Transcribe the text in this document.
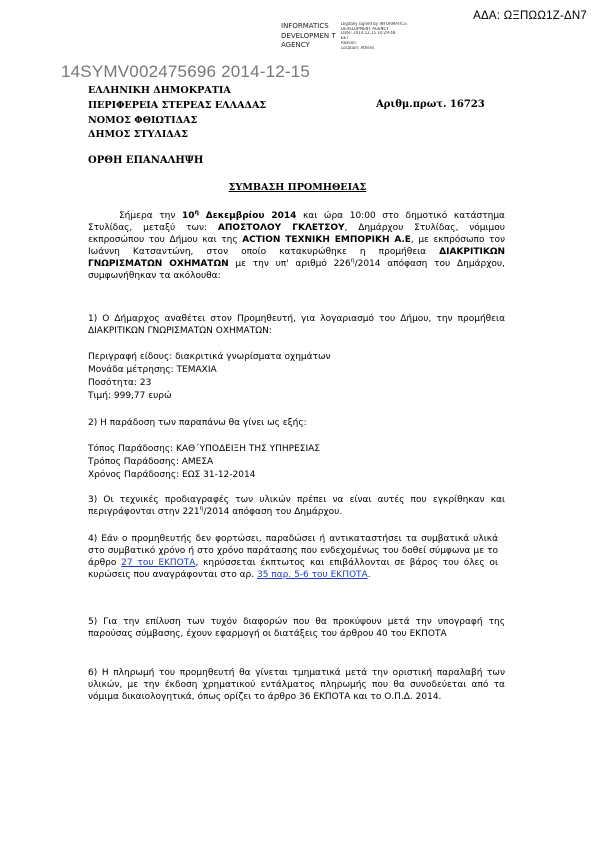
ΑΔΑ: ΩΞΠΩΩ1Ζ-ΔΝ7
INFORMATICS DEVELOPMEN T AGENCY
Digitally signed by INFORMATICS
DEVELOPMENT AGENCY
Date: 2014.12.15 10:29:48
EET
Reason:
Location: Athens
14SYMV002475696 2014-12-15
ΕΛΛΗΝΙΚΗ ΔΗΜΟΚΡΑΤΙΑ
ΠΕΡΙΦΕΡΕΙΑ ΣΤΕΡΕΑΣ ΕΛΛΑΔΑΣ	Αριθμ.πρωτ. 16723
ΝΟΜΟΣ ΦΘΙΩΤΙΔΑΣ
ΔΗΜΟΣ ΣΤΥΛΙΔΑΣ
ΟΡΘΗ ΕΠΑΝΑΛΗΨΗ
ΣΥΜΒΑΣΗ ΠΡΟΜΗΘΕΙΑΣ

Σήμερα την $10^\eta$ Δεκεμβρίου 2014 και ώρα 10:00 στο δημοτικό κατάστημα Στυλίδας, μεταξύ των: ΑΠΟΣΤΟΛΟΥ ΓΚΛΕΤΣΟΥ, Δημάρχου Στυλίδας, νόμιμου εκπροσώπου του Δήμου και της ACTION ΤΕΧΝΙΚΗ ΕΜΠΟΡΙΚΗ Α.Ε, με εκπρόσωπο τον Ιωάννη Κατσαντώνη, στον οποίο κατακυρώθηκε η προμήθεια ΔΙΑΚΡΙΤΙΚΩΝ ΓΝΩΡΙΣΜΑΤΩΝ ΟΧΗΜΑΤΩΝ με την υπ' αριθμό $226^\eta/2014$ απόφαση του Δημάρχου, συμφωνήθηκαν τα ακόλουθα:

1) Ο Δήμαρχος αναθέτει στον Προμηθευτή, για λογαριασμό του Δήμου, την προμήθεια ΔΙΑΚΡΙΤΙΚΩΝ ΓΝΩΡΙΣΜΑΤΩΝ ΟΧΗΜΑΤΩΝ:

Περιγραφή είδους: διακριτικά γνωρίσματα οχημάτων
Μονάδα μέτρησης: ΤΕΜΑΧΙΑ
Ποσότητα: 23
Τιμή: 999,77 ευρώ
2) Η παράδοση των παραπάνω θα γίνει ως εξής:
Τόπος Παράδοσης: ΚΑΘ΄ΥΠΟΔΕΙΞΗ ΤΗΣ ΥΠΗΡΕΣΙΑΣ
Τρόπος Παράδοσης: ΑΜΕΣΑ
Χρόνος Παράδοσης: ΕΩΣ 31-12-2014

3) Οι τεχνικές προδιαγραφές των υλικών πρέπει να είναι αυτές που εγκρίθηκαν και περιγράφονται στην $221^\eta/2014$ απόφαση του Δημάρχου.

4) Εάν ο προμηθευτής δεν φορτώσει, παραδώσει ή αντικαταστήσει τα συμβατικά υλικά στο συμβατικό χρόνο ή στο χρόνο παράτασης που ενδεχομένως του δοθεί σύμφωνα με το άρθρο 27 του ΕΚΠΟΤΑ, κηρύσσεται έκπτωτος και επιβάλλονται σε βάρος του όλες οι κυρώσεις που αναγράφονται στο αρ. 35 παρ. 5-6 του ΕΚΠΟΤΑ.

5) Για την επίλυση των τυχόν διαφορών που θα προκύψουν μετά την υπογραφή της παρούσας σύμβασης, έχουν εφαρμογή οι διατάξεις του άρθρου 40 του ΕΚΠΟΤΑ

6) Η πληρωμή του προμηθευτή θα γίνεται τμηματικά μετά την οριστική παραλαβή των υλικών, με την έκδοση χρηματικού εντάλματος πληρωμής που θα συνοδεύεται από τα νόμιμα δικαιολογητικά, όπως ορίζει το άρθρο 36 ΕΚΠΟΤΑ και το Ο.Π.Δ. 2014.
